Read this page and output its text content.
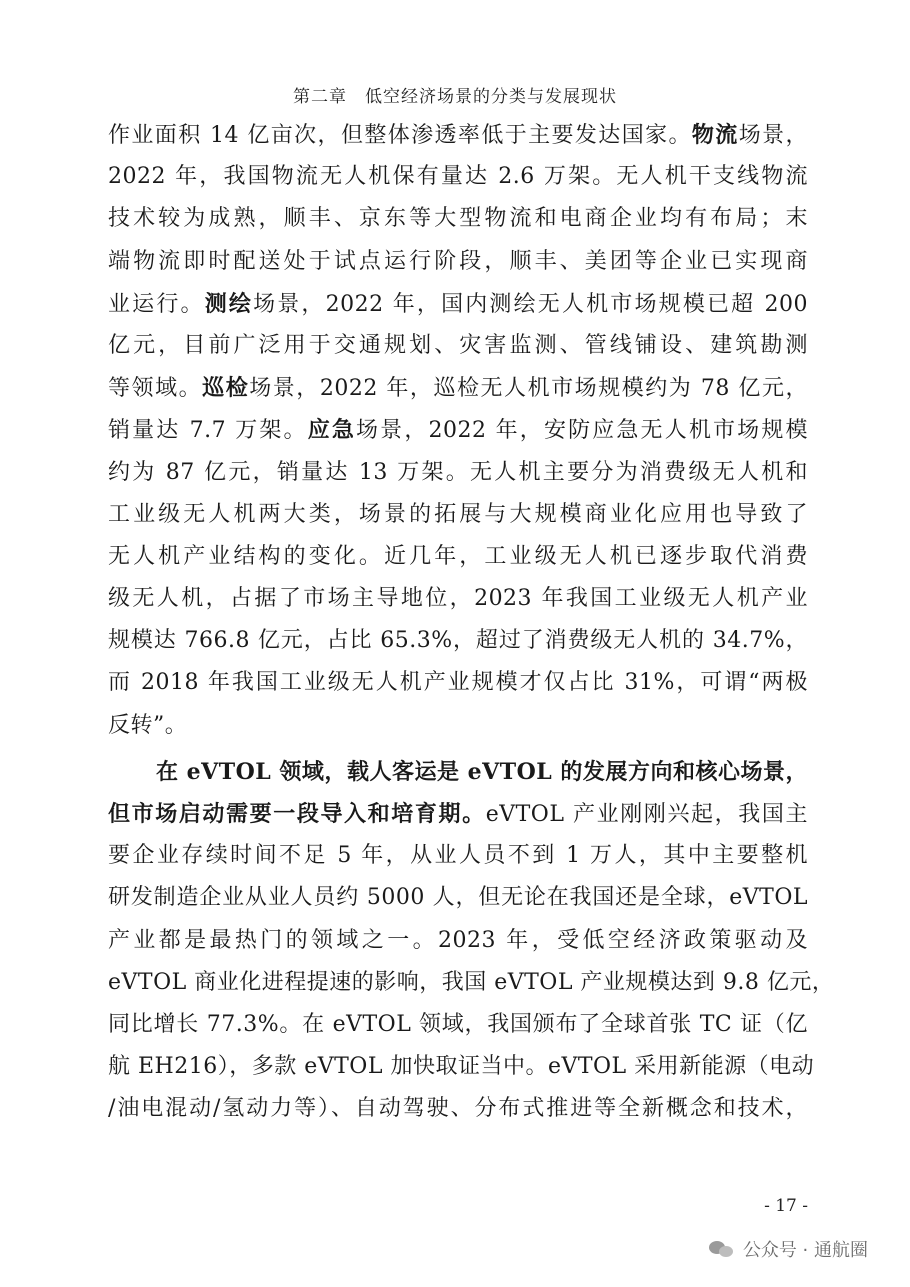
第二章　低空经济场景的分类与发展现状
作业面积 14 亿亩次，但整体渗透率低于主要发达国家。物流场景，
2022 年，我国物流无人机保有量达 2.6 万架。无人机干支线物流
技术较为成熟，顺丰、京东等大型物流和电商企业均有布局；末
端物流即时配送处于试点运行阶段，顺丰、美团等企业已实现商
业运行。测绘场景，2022 年，国内测绘无人机市场规模已超 200
亿元，目前广泛用于交通规划、灾害监测、管线铺设、建筑勘测
等领域。巡检场景，2022 年，巡检无人机市场规模约为 78 亿元，
销量达 7.7 万架。应急场景，2022 年，安防应急无人机市场规模
约为 87 亿元，销量达 13 万架。无人机主要分为消费级无人机和
工业级无人机两大类，场景的拓展与大规模商业化应用也导致了
无人机产业结构的变化。近几年，工业级无人机已逐步取代消费
级无人机，占据了市场主导地位，2023 年我国工业级无人机产业
规模达 766.8 亿元，占比 65.3%，超过了消费级无人机的 34.7%，
而 2018 年我国工业级无人机产业规模才仅占比 31%，可谓“两极
反转”。
在 eVTOL 领域，载人客运是 eVTOL 的发展方向和核心场景，
但市场启动需要一段导入和培育期。eVTOL 产业刚刚兴起，我国主
要企业存续时间不足 5 年，从业人员不到 1 万人，其中主要整机
研发制造企业从业人员约 5000 人，但无论在我国还是全球，eVTOL
产业都是最热门的领域之一。2023 年，受低空经济政策驱动及
eVTOL 商业化进程提速的影响，我国 eVTOL 产业规模达到 9.8 亿元，
同比增长 77.3%。在 eVTOL 领域，我国颁布了全球首张 TC 证（亿
航 EH216），多款 eVTOL 加快取证当中。eVTOL 采用新能源（电动
/油电混动/氢动力等）、自动驾驶、分布式推进等全新概念和技术，
- 17 -
公众号 · 通航圈
